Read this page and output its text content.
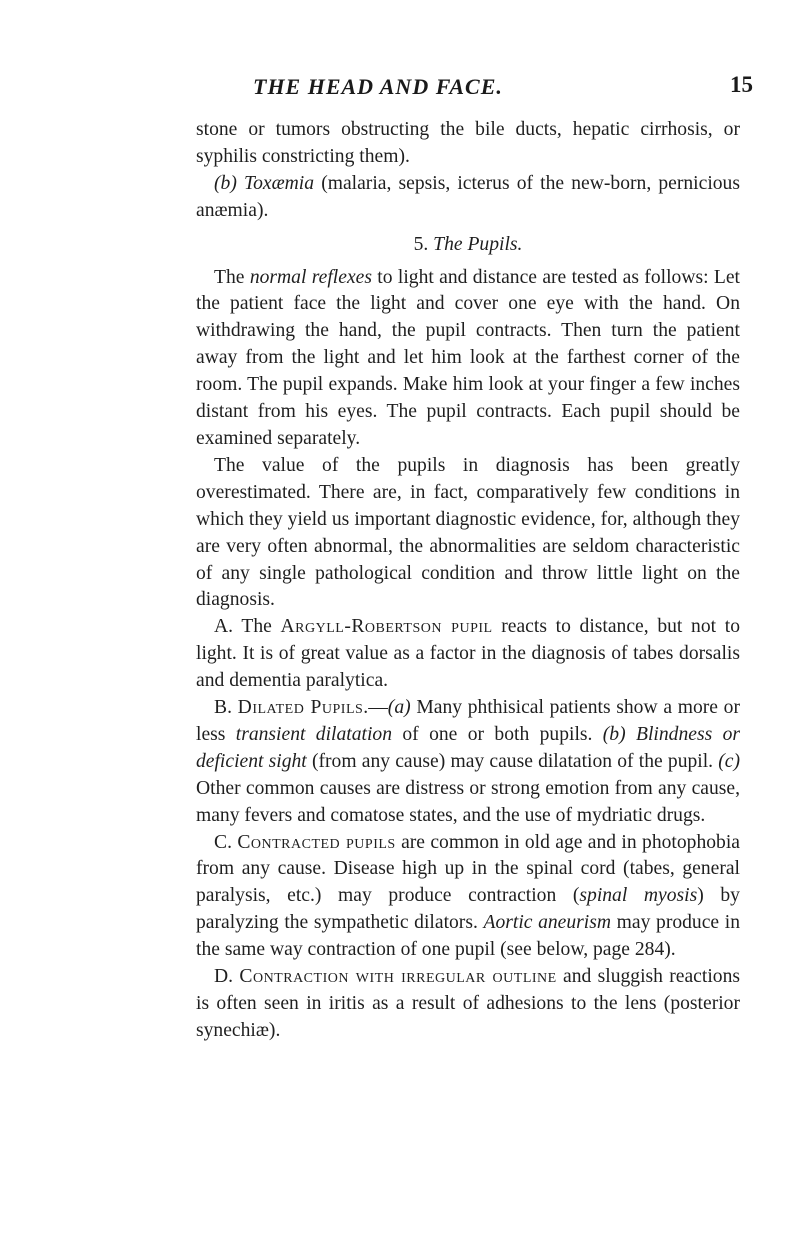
THE HEAD AND FACE.	15

stone or tumors obstructing the bile ducts, hepatic cirrhosis, or syphilis constricting them).

(b) Toxæmia (malaria, sepsis, icterus of the new-born, pernicious anæmia).

5. The Pupils.

The normal reflexes to light and distance are tested as follows: Let the patient face the light and cover one eye with the hand. On withdrawing the hand, the pupil contracts. Then turn the patient away from the light and let him look at the farthest corner of the room. The pupil expands. Make him look at your finger a few inches distant from his eyes. The pupil contracts. Each pupil should be examined separately.

The value of the pupils in diagnosis has been greatly overestimated. There are, in fact, comparatively few conditions in which they yield us important diagnostic evidence, for, although they are very often abnormal, the abnormalities are seldom characteristic of any single pathological condition and throw little light on the diagnosis.

A. The Argyll-Robertson pupil reacts to distance, but not to light. It is of great value as a factor in the diagnosis of tabes dorsalis and dementia paralytica.

B. Dilated Pupils.—(a) Many phthisical patients show a more or less transient dilatation of one or both pupils. (b) Blindness or deficient sight (from any cause) may cause dilatation of the pupil. (c) Other common causes are distress or strong emotion from any cause, many fevers and comatose states, and the use of mydriatic drugs.

C. Contracted pupils are common in old age and in photophobia from any cause. Disease high up in the spinal cord (tabes, general paralysis, etc.) may produce contraction (spinal myosis) by paralyzing the sympathetic dilators. Aortic aneurism may produce in the same way contraction of one pupil (see below, page 284).

D. Contraction with irregular outline and sluggish reactions is often seen in iritis as a result of adhesions to the lens (posterior synechiæ).
